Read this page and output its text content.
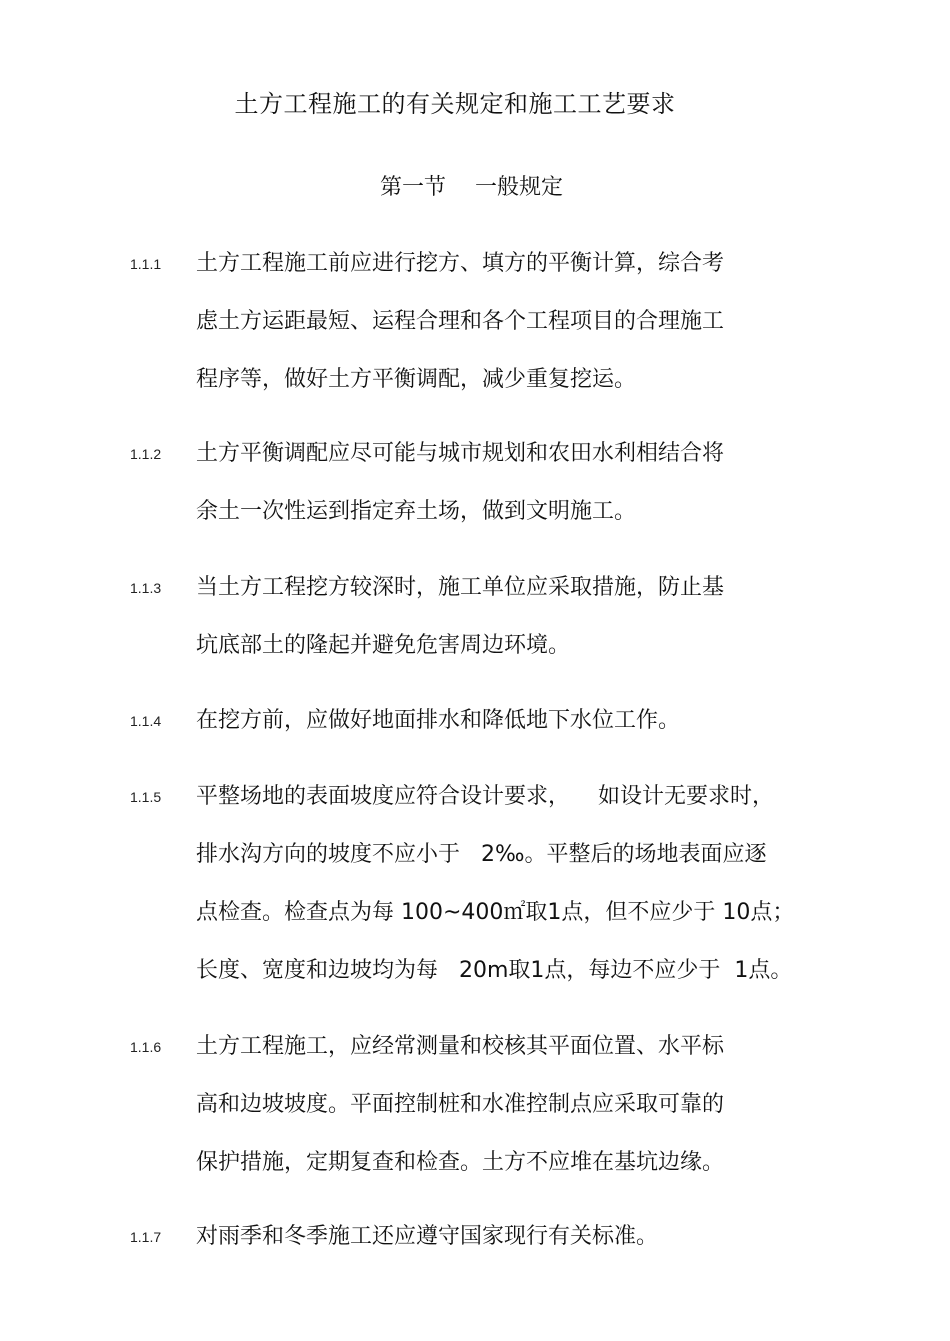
土方工程施工的有关规定和施工工艺要求
第一节 　一般规定
1.1.1 土方工程施工前应进行挖方、填方的平衡计算，综合考
虑土方运距最短、运程合理和各个工程项目的合理施工
程序等，做好土方平衡调配，减少重复挖运。
1.1.2 土方平衡调配应尽可能与城市规划和农田水利相结合将
余土一次性运到指定弃土场，做到文明施工。
1.1.3 当土方工程挖方较深时，施工单位应采取措施，防止基
坑底部土的隆起并避免危害周边环境。
1.1.4 在挖方前，应做好地面排水和降低地下水位工作。
1.1.5 平整场地的表面坡度应符合设计要求，    如设计无要求时，
排水沟方向的坡度不应小于   2‰。平整后的场地表面应逐
点检查。检查点为每 100~400㎡取1点，但不应少于 10点；
长度、宽度和边坡均为每   20m取1点，每边不应少于  1点。
1.1.6 土方工程施工，应经常测量和校核其平面位置、水平标
高和边坡坡度。平面控制桩和水准控制点应采取可靠的
保护措施，定期复查和检查。土方不应堆在基坑边缘。
1.1.7 对雨季和冬季施工还应遵守国家现行有关标准。
